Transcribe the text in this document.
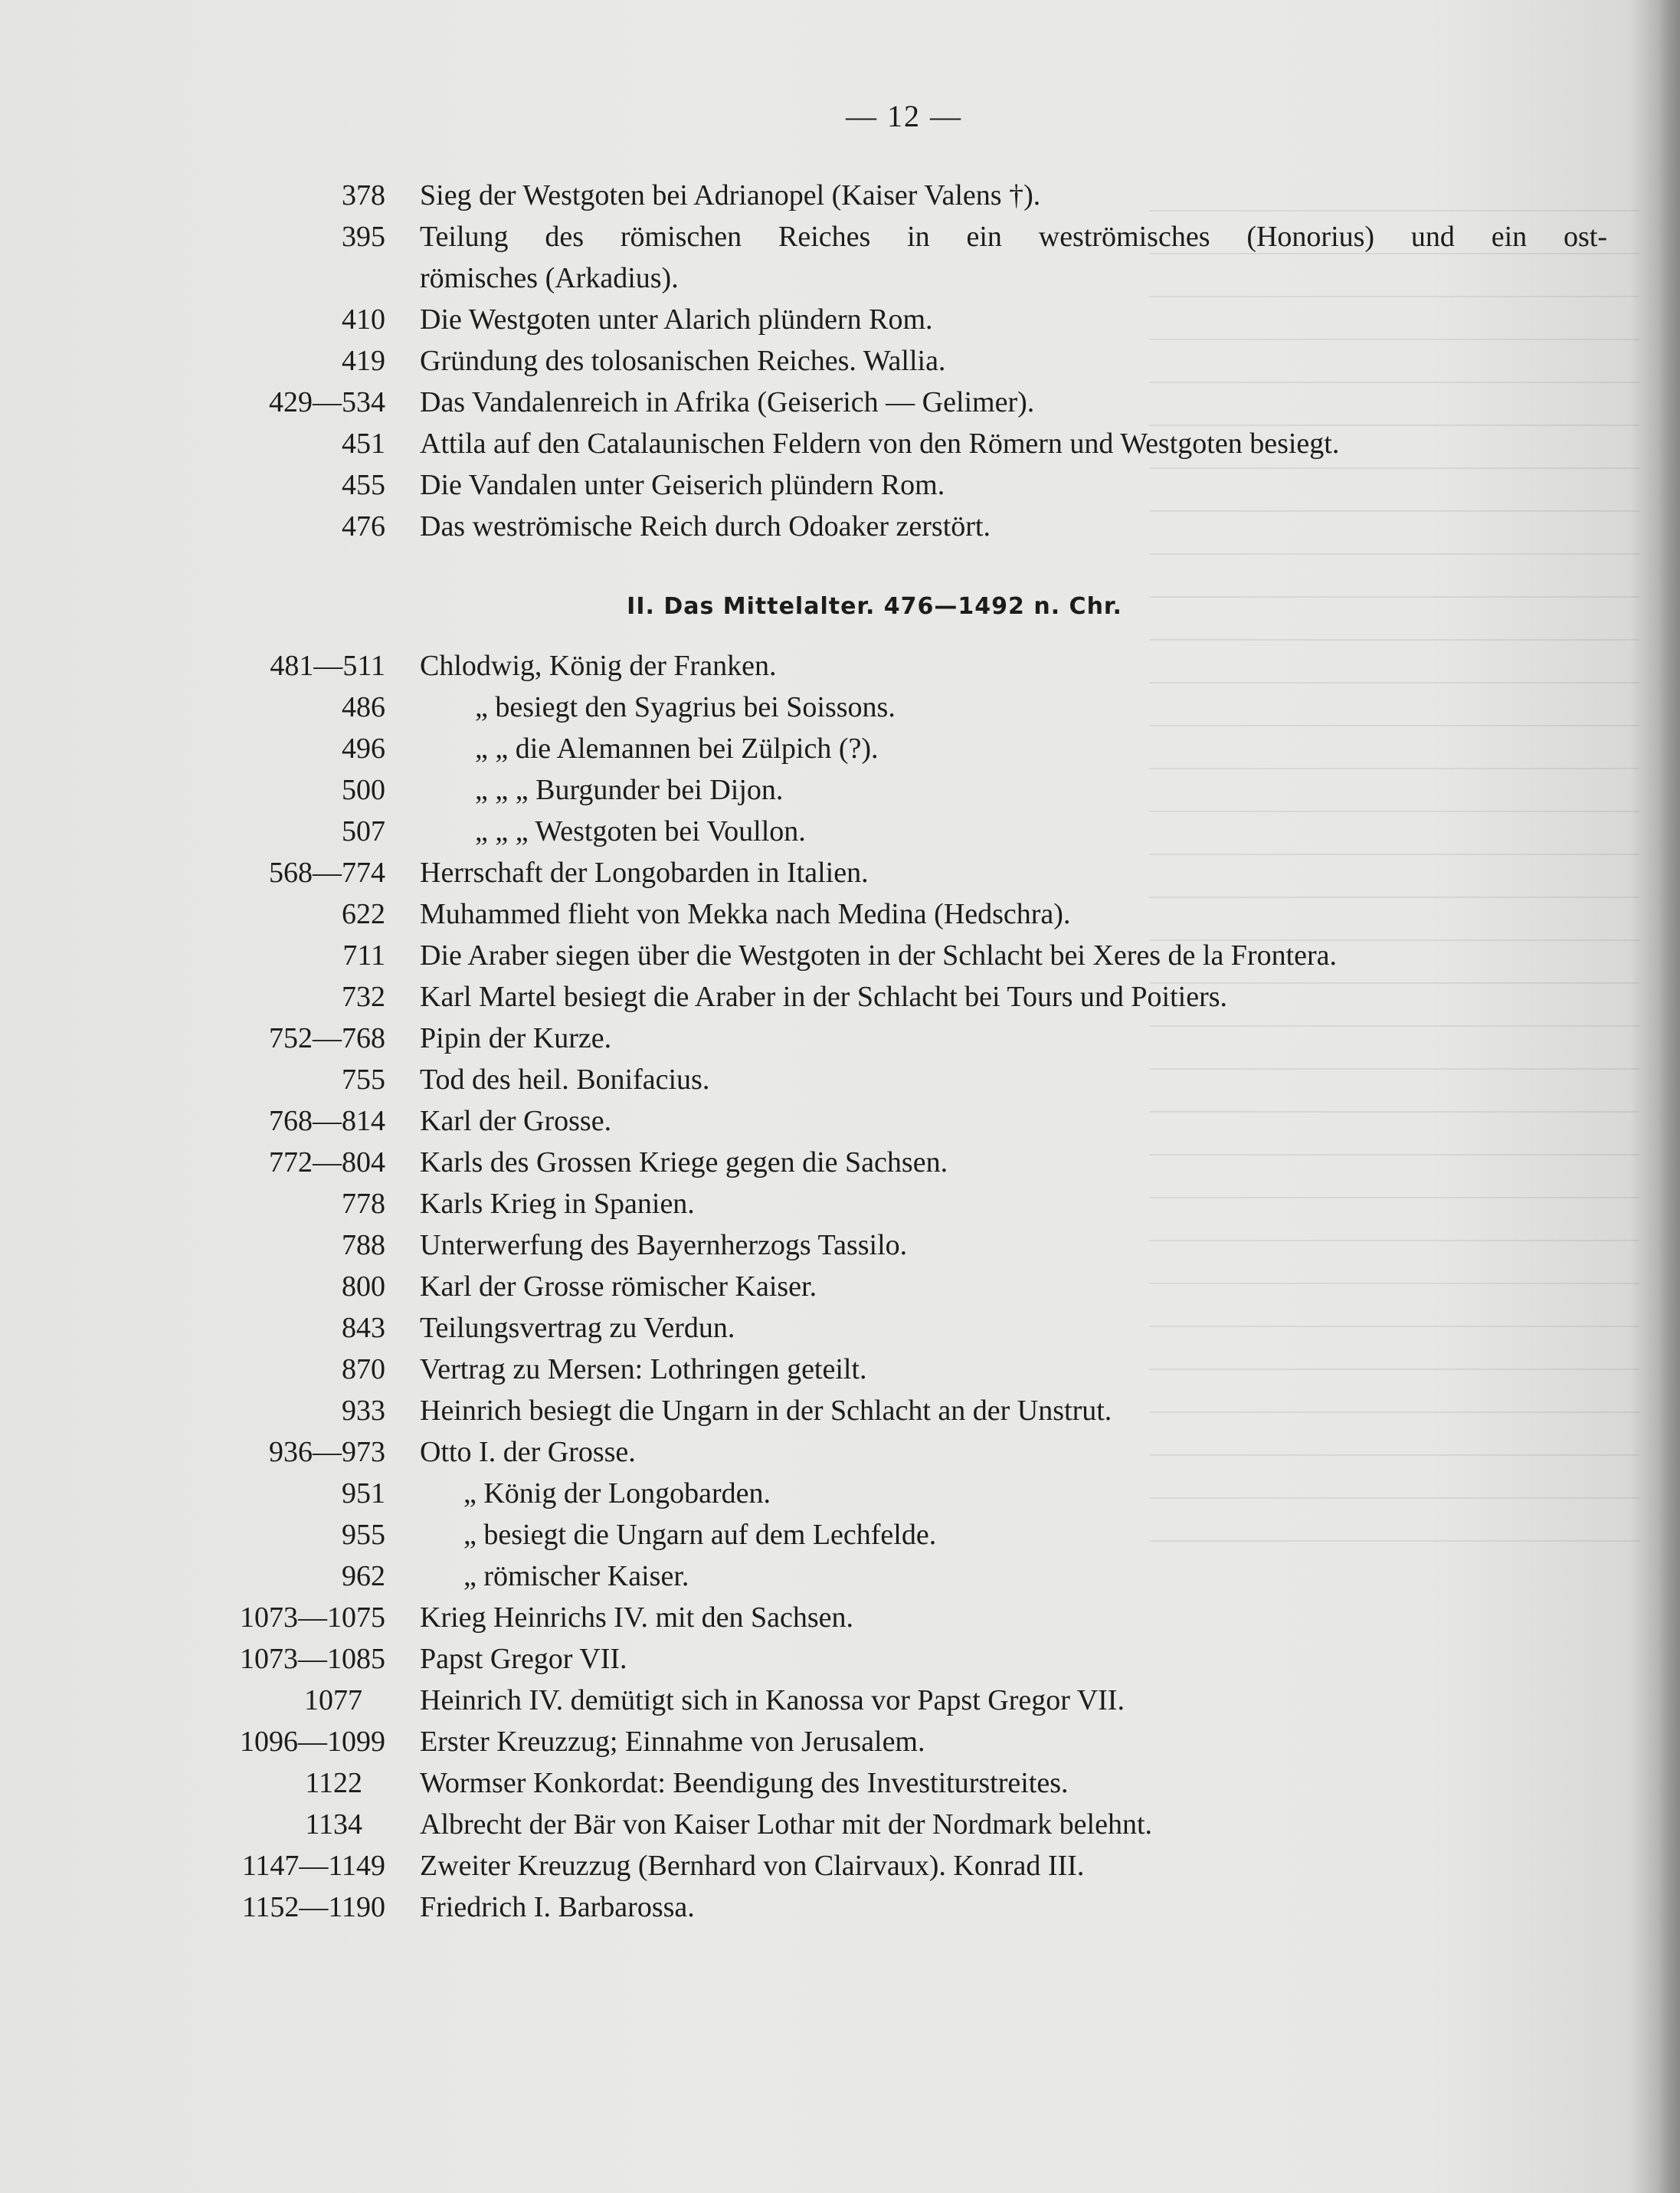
— 12 —
II. Das Mittelalter. 476—1492 n. Chr.
378 Sieg der Westgoten bei Adrianopel (Kaiser Valens †).
395 Teilung des römischen Reiches in ein weströmisches (Honorius) und ein ost-
römisches (Arkadius).
410 Die Westgoten unter Alarich plündern Rom.
419 Gründung des tolosanischen Reiches. Wallia.
429—534 Das Vandalenreich in Afrika (Geiserich — Gelimer).
451 Attila auf den Catalaunischen Feldern von den Römern und Westgoten besiegt.
455 Die Vandalen unter Geiserich plündern Rom.
476 Das weströmische Reich durch Odoaker zerstört.
481—511 Chlodwig, König der Franken.
486	„ besiegt den Syagrius bei Soissons.
496	„ „ die Alemannen bei Zülpich (?).
500	„ „ „ Burgunder bei Dijon.
507	„ „ „ Westgoten bei Voullon.
568—774 Herrschaft der Longobarden in Italien.
622 Muhammed flieht von Mekka nach Medina (Hedschra).
711 Die Araber siegen über die Westgoten in der Schlacht bei Xeres de la Frontera.
732 Karl Martel besiegt die Araber in der Schlacht bei Tours und Poitiers.
752—768 Pipin der Kurze.
755 Tod des heil. Bonifacius.
768—814 Karl der Grosse.
772—804 Karls des Grossen Kriege gegen die Sachsen.
778 Karls Krieg in Spanien.
788 Unterwerfung des Bayernherzogs Tassilo.
800 Karl der Grosse römischer Kaiser.
843 Teilungsvertrag zu Verdun.
870 Vertrag zu Mersen: Lothringen geteilt.
933 Heinrich besiegt die Ungarn in der Schlacht an der Unstrut.
936—973 Otto I. der Grosse.
951	„ König der Longobarden.
955	„ besiegt die Ungarn auf dem Lechfelde.
962	„ römischer Kaiser.
1073—1075 Krieg Heinrichs IV. mit den Sachsen.
1073—1085 Papst Gregor VII.
1077 Heinrich IV. demütigt sich in Kanossa vor Papst Gregor VII.
1096—1099 Erster Kreuzzug; Einnahme von Jerusalem.
1122 Wormser Konkordat: Beendigung des Investiturstreites.
1134 Albrecht der Bär von Kaiser Lothar mit der Nordmark belehnt.
1147—1149 Zweiter Kreuzzug (Bernhard von Clairvaux). Konrad III.
1152—1190 Friedrich I. Barbarossa.
